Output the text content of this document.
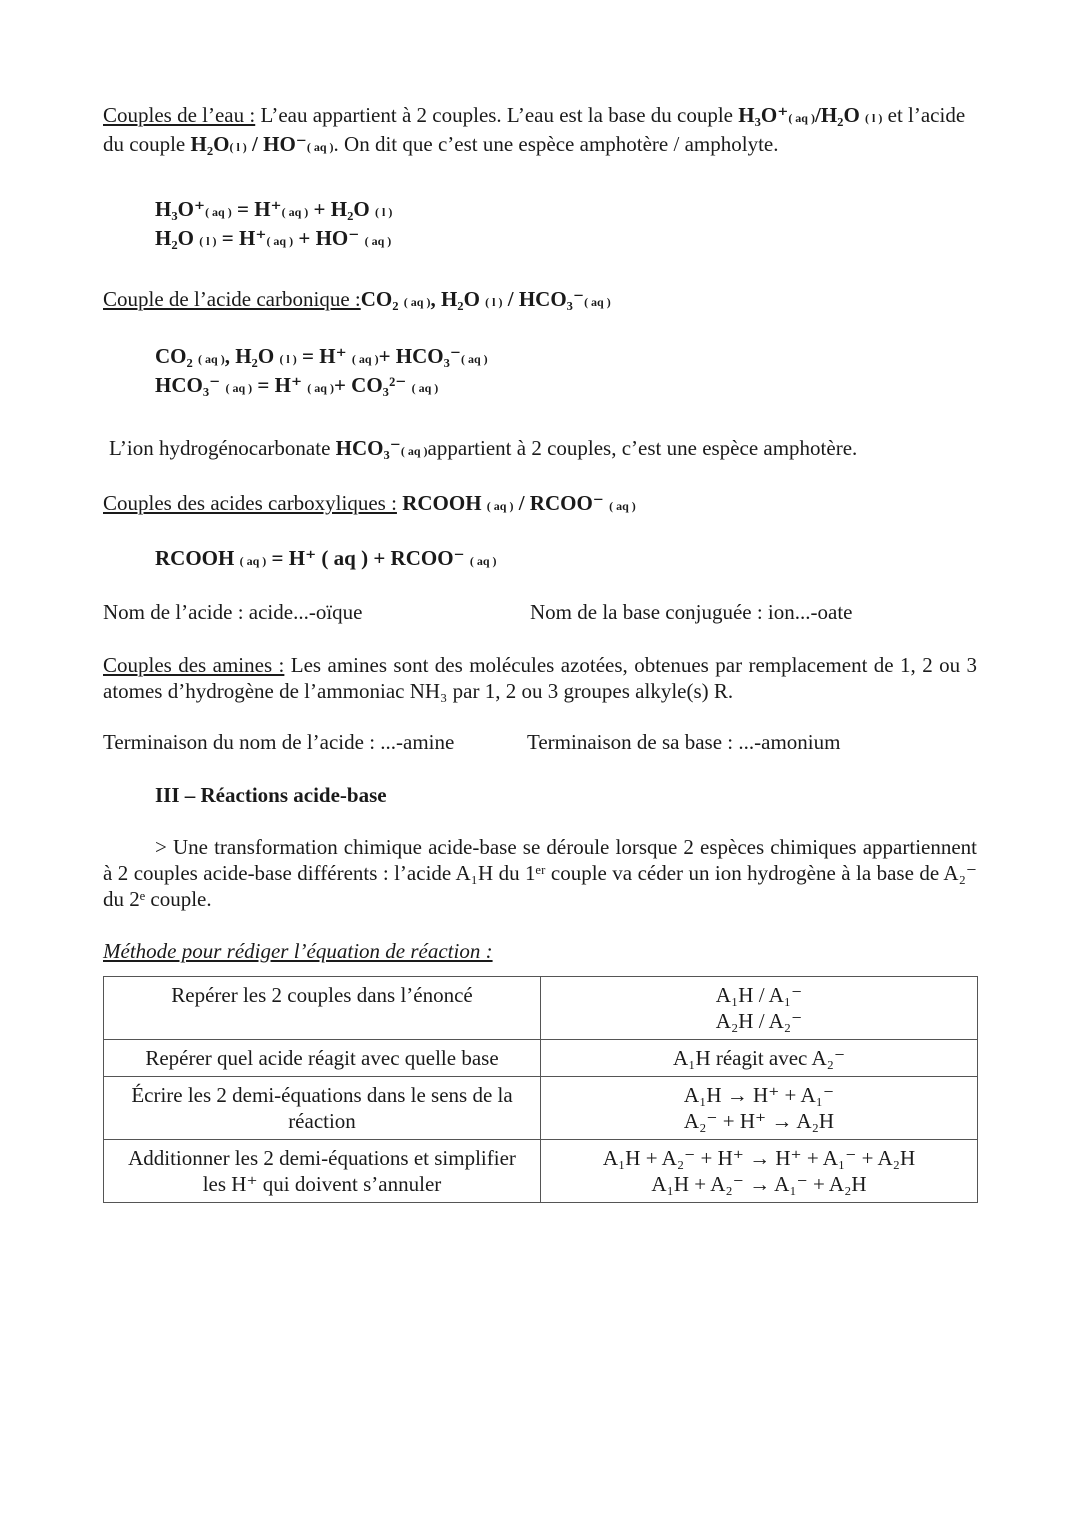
Couples de l’eau : L’eau appartient à 2 couples. L’eau est la base du couple H₃O⁺( aq )/H₂O ( l ) et l’acide du couple H₂O( l ) / HO⁻( aq ). On dit que c’est une espèce amphotère / ampholyte.

H₃O⁺( aq ) = H⁺( aq ) + H₂O ( l )
H₂O ( l ) = H⁺( aq ) + HO⁻ ( aq )

Couple de l’acide carbonique :CO₂ ( aq ), H₂O ( l ) / HCO₃⁻( aq )

CO₂ ( aq ), H₂O ( l ) = H⁺ ( aq )+ HCO₃⁻( aq )
HCO₃⁻ ( aq ) = H⁺ ( aq )+ CO₃²⁻ ( aq )

L’ion hydrogénocarbonate HCO₃⁻( aq )appartient à 2 couples, c’est une espèce amphotère.

Couples des acides carboxyliques : RCOOH ( aq ) / RCOO⁻ ( aq )

RCOOH ( aq ) = H⁺ ( aq ) + RCOO⁻ ( aq )
Nom de l’acide : acide...-oïque	Nom de la base conjuguée : ion...-oate

Couples des amines : Les amines sont des molécules azotées, obtenues par remplacement de 1, 2 ou 3 atomes d’hydrogène de l’ammoniac NH₃ par 1, 2 ou 3 groupes alkyle(s) R.

Terminaison du nom de l’acide : ...-amine	Terminaison de sa base : ...-amonium

III – Réactions acide-base

> Une transformation chimique acide-base se déroule lorsque 2 espèces chimiques appartiennent à 2 couples acide-base différents : l’acide A₁H du 1ᵉʳ couple va céder un ion hydrogène à la base de A₂⁻ du 2ᵉ couple.

Méthode pour rédiger l’équation de réaction :

Repérer les 2 couples dans l’énoncé	A₁H / A₁⁻
A₂H / A₂⁻

Repérer quel acide réagit avec quelle base	A₁H réagit avec A₂⁻

Écrire les 2 demi-équations dans le sens de la
réaction	A₁H → H⁺ + A₁⁻
A₂⁻ + H⁺ → A₂H

Additionner les 2 demi-équations et simplifier
les H⁺ qui doivent s’annuler	A₁H + A₂⁻ + H⁺ → H⁺ + A₁⁻ + A₂H
A₁H + A₂⁻ → A₁⁻ + A₂H
